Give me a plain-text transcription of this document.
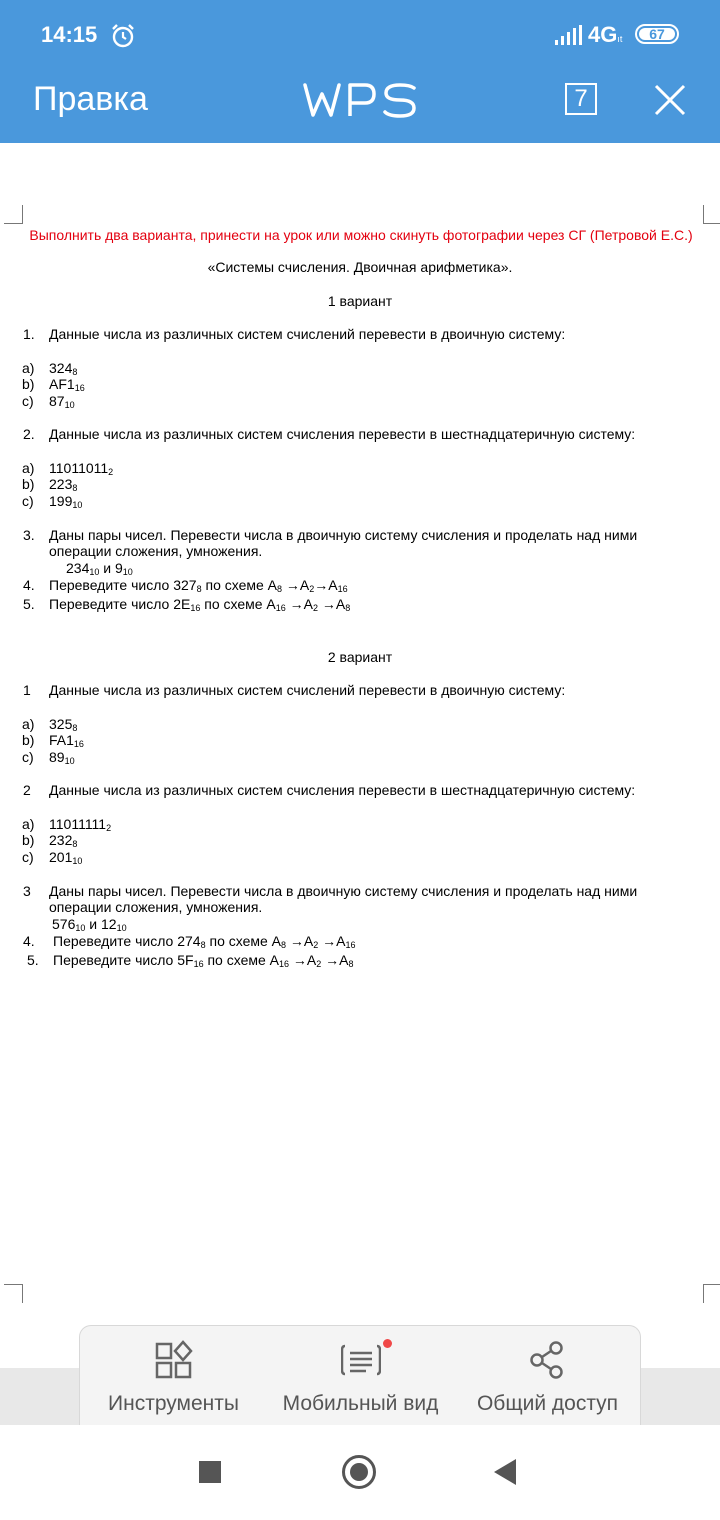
14:15	4Gıt	67
Правка	7
Выполнить два варианта, принести на урок или можно скинуть фотографии через СГ (Петровой Е.С.)
«Системы счисления. Двоичная арифметика».
1 вариант
1. Данные числа из различных систем счислений перевести в двоичную систему:
a) $324_8$
b) $AF1_{16}$
c) $87_{10}$
2. Данные числа из различных систем счисления перевести в шестнадцатеричную систему:
a) $11011011_2$
b) $223_8$
c) $199_{10}$
3. Даны пары чисел. Перевести числа в двоичную систему счисления и проделать над ними
операции сложения, умножения.
$234_{10}$ и $9_{10}$
4. Переведите число $327_8$ по схеме $A_8 \to A_2\to A_{16}$
5. Переведите число $2E_{16}$ по схеме $A_{16} \to A_2 \to A_8$
2 вариант
1 Данные числа из различных систем счислений перевести в двоичную систему:
a) $325_8$
b) $FA1_{16}$
c) $89_{10}$
2 Данные числа из различных систем счисления перевести в шестнадцатеричную систему:
a) $11011111_2$
b) $232_8$
c) $201_{10}$
3 Даны пары чисел. Перевести числа в двоичную систему счисления и проделать над ними
операции сложения, умножения.
$576_{10}$ и $12_{10}$
4. Переведите число $274_8$ по схеме $A_8 \to A_2 \to A_{16}$
5. Переведите число $5F_{16}$ по схеме $A_{16} \to A_2 \to A_8$
Инструменты	Мобильный вид	Общий доступ
